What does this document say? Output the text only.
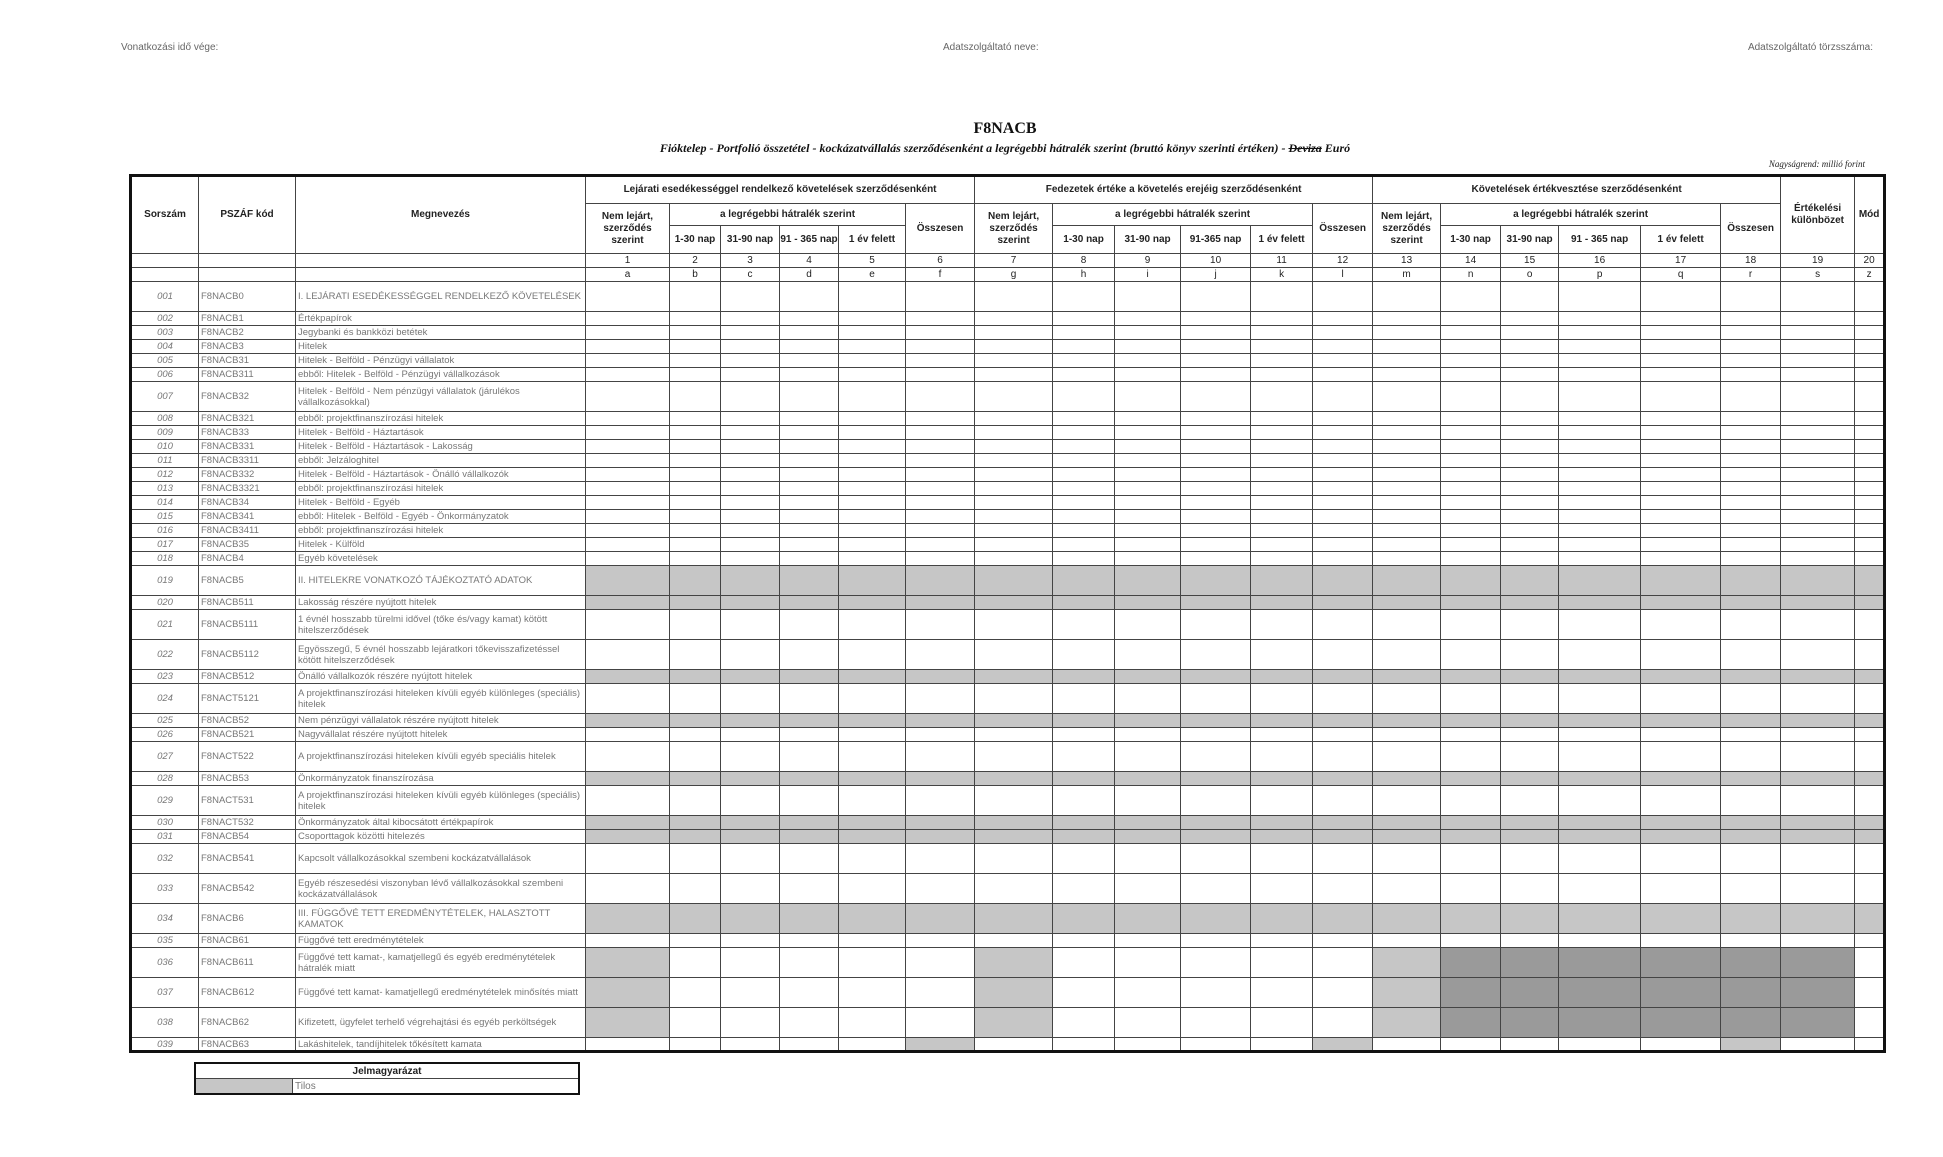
Vonatkozási idő vége:	Adatszolgáltató neve:	Adatszolgáltató törzsszáma:
F8NACB
Fióktelep - Portfolió összetétel - kockázatvállalás szerződésenként a legrégebbi hátralék szerint (bruttó könyv szerinti értéken) - Deviza Euró
Nagyságrend: millió forint
Sorszám	PSZÁF kód	Megnevezés	Lejárati esedékességgel rendelkező követelések szerződésenként						Fedezetek értéke a követelés erejéig szerződésenként						Követelések értékvesztése szerződésenként						Értékelési különbözet	Mód
			Nem lejárt, szerződés szerint	a legrégebbi hátralék szerint				Összesen	Nem lejárt, szerződés szerint	a legrégebbi hátralék szerint				Összesen	Nem lejárt, szerződés szerint	a legrégebbi hátralék szerint				Összesen		
				1-30 nap	31-90 nap	91 - 365 nap	1 év felett			1-30 nap	31-90 nap	91-365 nap	1 év felett			1-30 nap	31-90 nap	91 - 365 nap	1 év felett			
			1	2	3	4	5	6	7	8	9	10	11	12	13	14	15	16	17	18	19	20
			a	b	c	d	e	f	g	h	i	j	k	l	m	n	o	p	q	r	s	z
001	F8NACB0	I. LEJÁRATI ESEDÉKESSÉGGEL RENDELKEZŐ KÖVETELÉSEK																				
002	F8NACB1	Értékpapírok																				
003	F8NACB2	Jegybanki és bankközi betétek																				
004	F8NACB3	Hitelek																				
005	F8NACB31	Hitelek - Belföld - Pénzügyi vállalatok																				
006	F8NACB311	ebből: Hitelek - Belföld - Pénzügyi vállalkozások																				
007	F8NACB32	Hitelek - Belföld - Nem pénzügyi vállalatok (járulékos vállalkozásokkal)																				
008	F8NACB321	ebből: projektfinanszírozási hitelek																				
009	F8NACB33	Hitelek - Belföld - Háztartások																				
010	F8NACB331	Hitelek - Belföld - Háztartások - Lakosság																				
011	F8NACB3311	ebből: Jelzáloghitel																				
012	F8NACB332	Hitelek - Belföld - Háztartások - Önálló vállalkozók																				
013	F8NACB3321	ebből: projektfinanszírozási hitelek																				
014	F8NACB34	Hitelek - Belföld - Egyéb																				
015	F8NACB341	ebből: Hitelek - Belföld - Egyéb - Önkormányzatok																				
016	F8NACB3411	ebből: projektfinanszírozási hitelek																				
017	F8NACB35	Hitelek - Külföld																				
018	F8NACB4	Egyéb követelések																				
019	F8NACB5	II. HITELEKRE VONATKOZÓ TÁJÉKOZTATÓ ADATOK																				
020	F8NACB511	Lakosság részére nyújtott hitelek																				
021	F8NACB5111	1 évnél hosszabb türelmi idővel (tőke és/vagy kamat) kötött hitelszerződések																				
022	F8NACB5112	Egyösszegű, 5 évnél hosszabb lejáratkori tőkevisszafizetéssel kötött hitelszerződések																				
023	F8NACB512	Önálló vállalkozók részére nyújtott hitelek																				
024	F8NACT5121	A projektfinanszírozási hiteleken kívüli egyéb különleges (speciális) hitelek																				
025	F8NACB52	Nem pénzügyi vállalatok részére nyújtott hitelek																				
026	F8NACB521	Nagyvállalat részére nyújtott hitelek																				
027	F8NACT522	A projektfinanszírozási hiteleken kívüli egyéb speciális hitelek																				
028	F8NACB53	Önkormányzatok finanszírozása																				
029	F8NACT531	A projektfinanszírozási hiteleken kívüli egyéb különleges (speciális) hitelek																				
030	F8NACT532	Önkormányzatok által kibocsátott értékpapírok																				
031	F8NACB54	Csoporttagok közötti hitelezés																				
032	F8NACB541	Kapcsolt vállalkozásokkal szembeni kockázatvállalások																				
033	F8NACB542	Egyéb részesedési viszonyban lévő vállalkozásokkal szembeni kockázatvállalások																				
034	F8NACB6	III. FÜGGŐVÉ TETT EREDMÉNYTÉTELEK, HALASZTOTT KAMATOK																				
035	F8NACB61	Függővé tett eredménytételek																				
036	F8NACB611	Függővé tett kamat-, kamatjellegű és egyéb eredménytételek hátralék miatt																				
037	F8NACB612	Függővé tett kamat- kamatjellegű eredménytételek minősítés miatt																				
038	F8NACB62	Kifizetett, ügyfelet terhelő végrehajtási és egyéb perköltségek																				
039	F8NACB63	Lakáshitelek, tandíjhitelek tőkésített kamata																				
Jelmagyarázat
	Tilos
